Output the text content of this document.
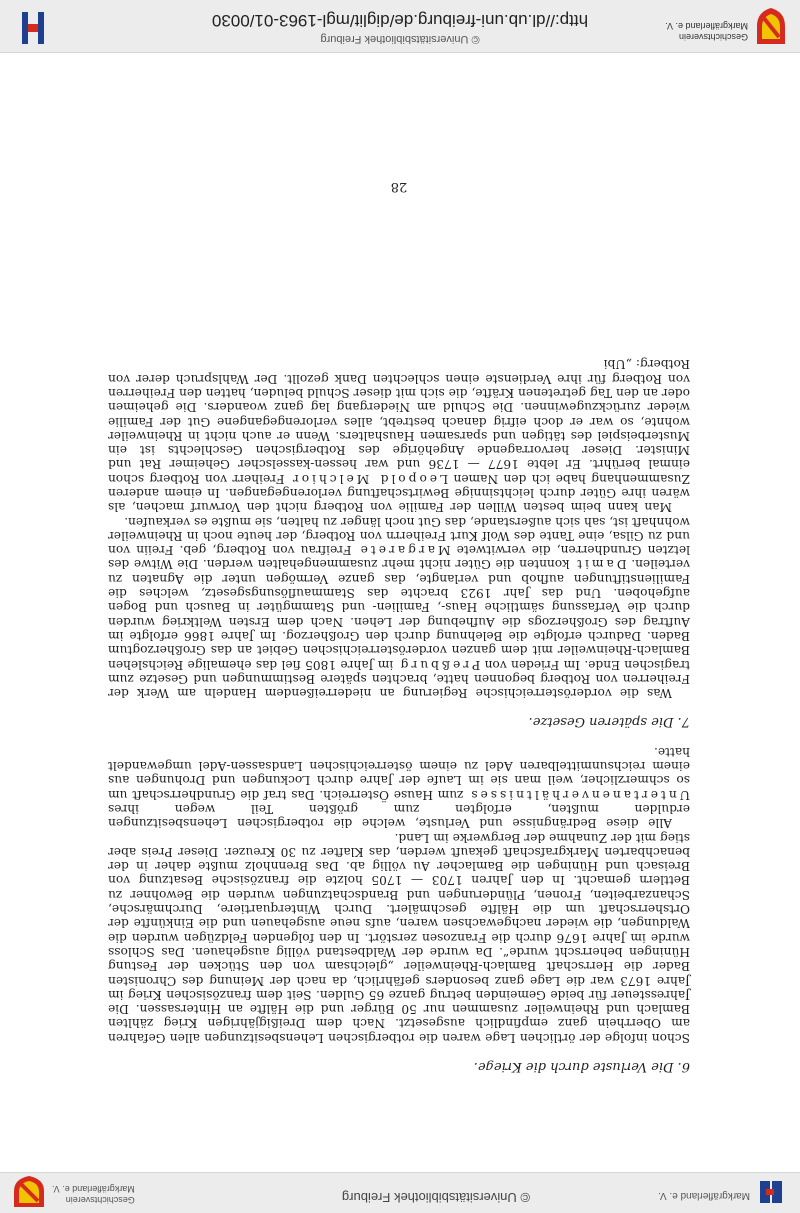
Markgräflerland e. V.
© Universitätsbibliothek Freiburg
Geschichtsverein
Markgräflerland e. V.
6. Die Verluste durch die Kriege.

Schon infolge der örtlichen Lage waren die rotbergischen Lehensbesitzungen allen Gefahren am Oberrhein ganz empfindlich ausgesetzt. Nach dem Dreißigjährigen Krieg zählten Bamlach und Rheinweiler zusammen nur 50 Bürger und die Hälfte an Hintersassen. Die Jahressteuer für beide Gemeinden betrug ganze 65 Gulden. Seit dem französischen Krieg im Jahre 1673 war die Lage ganz besonders gefährlich, da nach der Meinung des Chronisten Bader die Herrschaft Bamlach-Rheinweiler „gleichsam von den Stücken der Festung Hüningen beherrscht wurde“. Da wurde der Waldbestand völlig ausgehauen. Das Schloss wurde im Jahre 1676 durch die Franzosen zerstört. In den folgenden Feldzügen wurden die Waldungen, die wieder nachgewachsen waren, aufs neue ausgehauen und die Einkünfte der Ortsherrschaft um die Hälfte geschmälert. Durch Winterquartiere, Durchmärsche, Schanzarbeiten, Fronen, Plünderungen und Brandschatzungen wurden die Bewohner zu Bettlern gemacht. In den Jahren 1703 — 1705 holzte die französische Besatzung von Breisach und Hüningen die Bamlacher Au völlig ab. Das Brennholz mußte daher in der benachbarten Markgrafschaft gekauft werden, das Klafter zu 30 Kreuzer. Dieser Preis aber stieg mit der Zunahme der Bergwerke im Land.

Alle diese Bedrängnisse und Verluste, welche die rotbergischen Lehensbesitzungen erdulden mußten, erfolgten zum größten Teil wegen ihres Untertanenverhältnisses zum Hause Österreich. Das traf die Grundherrschaft um so schmerzlicher, weil man sie im Laufe der Jahre durch Lockungen und Drohungen aus einem reichsunmittelbaren Adel zu einem österreichischen Landsassen-Adel umgewandelt hatte.

7. Die späteren Gesetze.

Was die vorderösterreichische Regierung an niederreißendem Handeln am Werk der Freiherren von Rotberg begonnen hatte, brachten spätere Bestimmungen und Gesetze zum tragischen Ende. Im Frieden von Preßburg im Jahre 1805 fiel das ehemalige Reichslehen Bamlach-Rheinweiler mit dem ganzen vorderösterreichischen Gebiet an das Großherzogtum Baden. Dadurch erfolgte die Belehnung durch den Großherzog. Im Jahre 1866 erfolgte im Auftrag des Großherzogs die Aufhebung der Lehen. Nach dem Ersten Weltkrieg wurden durch die Verfassung sämtliche Haus-, Familien- und Stammgüter in Bausch und Bogen aufgehoben. Und das Jahr 1923 brachte das Stammauflösungsgesetz, welches die Familienstiftungen aufhob und verlangte, das ganze Vermögen unter die Agnaten zu verteilen. Damit konnten die Güter nicht mehr zusammengehalten werden. Die Witwe des letzten Grundherren, die verwitwete Margarete Freifrau von Rotberg, geb. Freiin von und zu Gilsa, eine Tante des Wolf Kurt Freiherrn von Rotberg, der heute noch in Rheinweiler wohnhaft ist, sah sich außerstande, das Gut noch länger zu halten, sie mußte es verkaufen.

Man kann beim besten Willen der Familie von Rotberg nicht den Vorwurf machen, als wären ihre Güter durch leichtsinnige Bewirtschaftung verlorengegangen. In einem anderen Zusammenhang habe ich den Namen Leopold Melchior Freiherr von Rotberg schon einmal berührt. Er lebte 1677 — 1736 und war hessen-kasselscher Geheimer Rat und Minister. Dieser hervorragende Angehörige des Rotbergischen Geschlechts ist ein Musterbeispiel des tätigen und sparsamen Haushalters. Wenn er auch nicht in Rheinweiler wohnte, so war er doch eifrig danach bestrebt, alles verlorengegangene Gut der Familie wieder zurückzugewinnen. Die Schuld am Niedergang lag ganz woanders. Die geheimen oder an den Tag getretenen Kräfte, die sich mit dieser Schuld beluden, hatten den Freiherren von Rotberg für ihre Verdienste einen schlechten Dank gezollt. Der Wahlspruch derer von Rotberg: „Ubi

28
Geschichtsverein
Markgräflerland e. V.
© Universitätsbibliothek Freiburg
http://dl.ub.uni-freiburg.de/diglit/mgl-1963-01/0030
